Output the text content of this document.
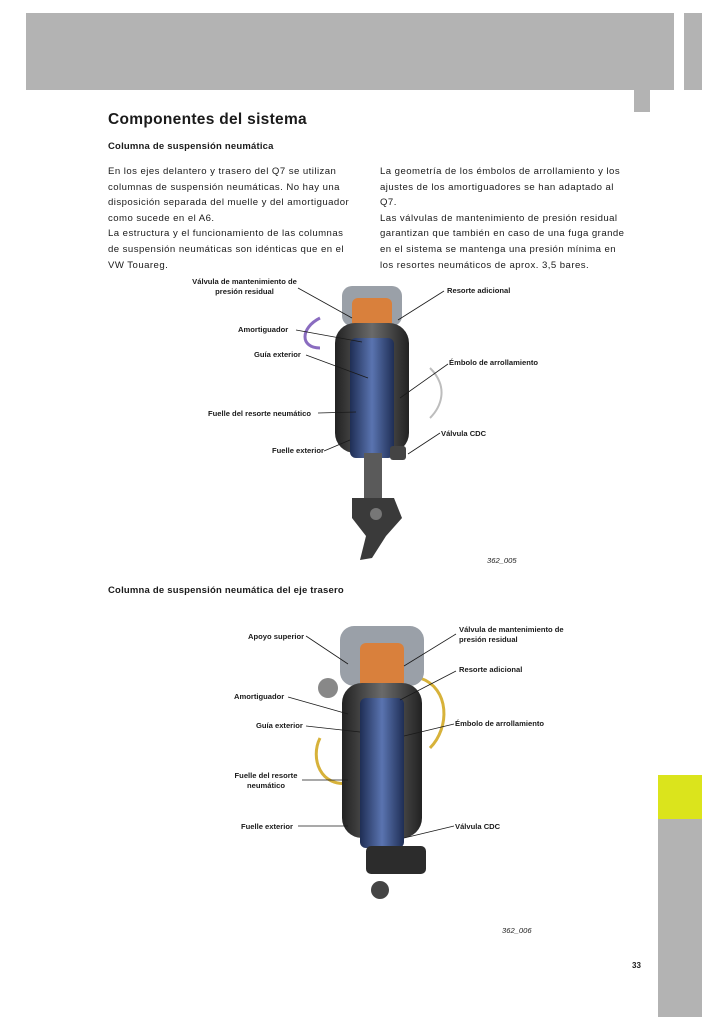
Componentes del sistema
Columna de suspensión neumática

En los ejes delantero y trasero del Q7 se utilizan

columnas de suspensión neumáticas. No hay una

disposición separada del muelle y del amortiguador

como sucede en el A6.

La estructura y el funcionamiento de las columnas

de suspensión neumáticas son idénticas que en el

VW Touareg.

La geometría de los émbolos de arrollamiento y los

ajustes de los amortiguadores se han adaptado al

Q7.

Las válvulas de mantenimiento de presión residual

garantizan que también en caso de una fuga grande

en el sistema se mantenga una presión mínima en

los resortes neumáticos de aprox. 3,5 bares.

Válvula de mantenimiento de
presión residual	Resorte adicional
Amortiguador
Guía exterior
Émbolo de arrollamiento
Fuelle del resorte neumático
Válvula CDC
Fuelle exterior
362_005
Columna de suspensión neumática del eje trasero
Apoyo superior
Válvula de mantenimiento de
presión residual
Resorte adicional
Amortiguador
Guía exterior	Émbolo de arrollamiento
Fuelle del resorte
neumático
Fuelle exterior	Válvula CDC
362_006
33
